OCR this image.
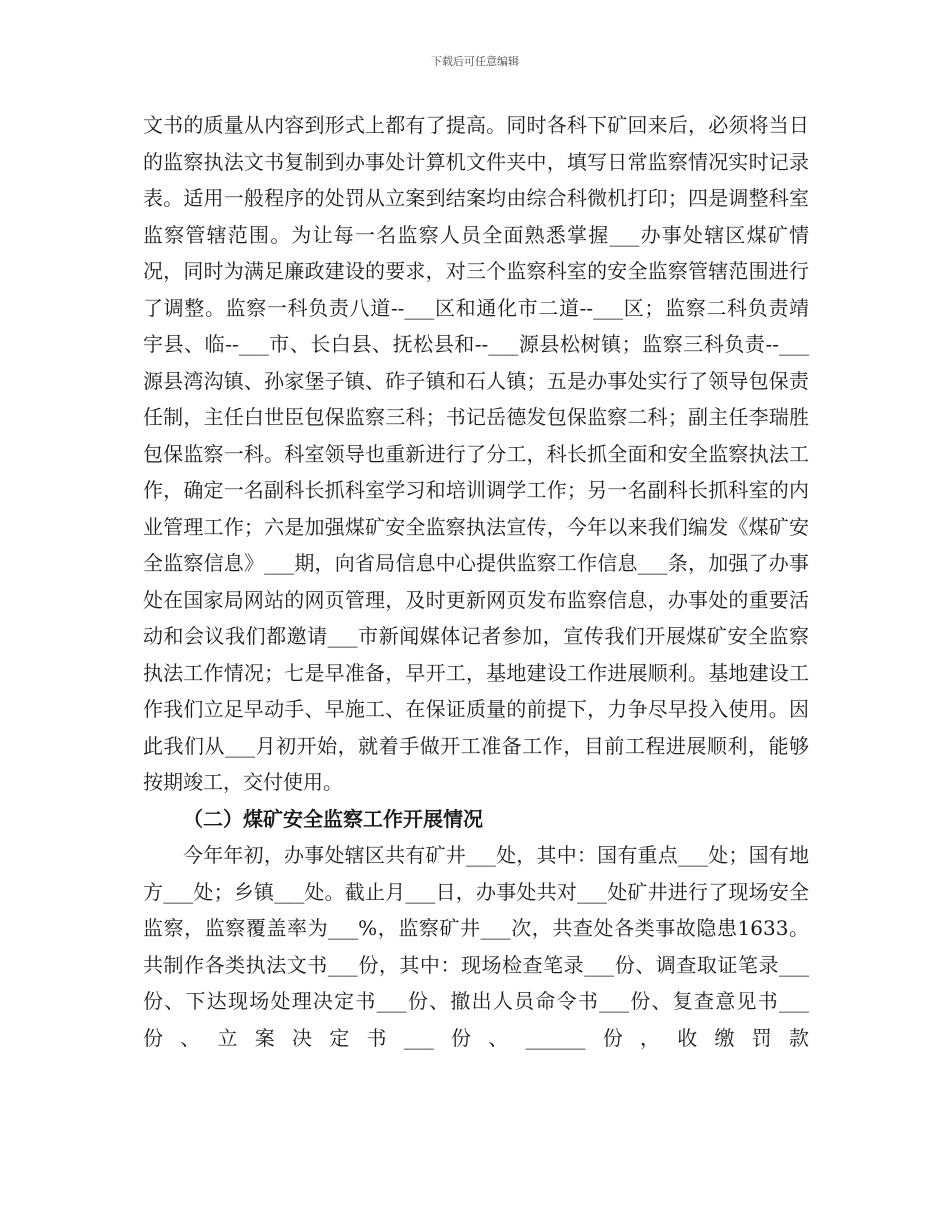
下载后可任意编辑

文书的质量从内容到形式上都有了提高。同时各科下矿回来后，必须将当日的监察执法文书复制到办事处计算机文件夹中，填写日常监察情况实时记录表。适用一般程序的处罚从立案到结案均由综合科微机打印；四是调整科室监察管辖范围。为让每一名监察人员全面熟悉掌握___办事处辖区煤矿情况，同时为满足廉政建设的要求，对三个监察科室的安全监察管辖范围进行了调整。监察一科负责八道--___区和通化市二道--___区；监察二科负责靖宇县、临--___市、长白县、抚松县和--___源县松树镇；监察三科负责--___源县湾沟镇、孙家堡子镇、砟子镇和石人镇；五是办事处实行了领导包保责任制，主任白世臣包保监察三科；书记岳德发包保监察二科；副主任李瑞胜包保监察一科。科室领导也重新进行了分工，科长抓全面和安全监察执法工作，确定一名副科长抓科室学习和培训调学工作；另一名副科长抓科室的内业管理工作；六是加强煤矿安全监察执法宣传，今年以来我们编发《煤矿安全监察信息》___期，向省局信息中心提供监察工作信息___条，加强了办事处在国家局网站的网页管理，及时更新网页发布监察信息，办事处的重要活动和会议我们都邀请___市新闻媒体记者参加，宣传我们开展煤矿安全监察执法工作情况；七是早准备，早开工，基地建设工作进展顺利。基地建设工作我们立足早动手、早施工、在保证质量的前提下，力争尽早投入使用。因此我们从___月初开始，就着手做开工准备工作，目前工程进展顺利，能够按期竣工，交付使用。

（二）煤矿安全监察工作开展情况

今年年初，办事处辖区共有矿井___处，其中：国有重点___处；国有地方___处；乡镇___处。截止月___日，办事处共对___处矿井进行了现场安全监察，监察覆盖率为___%，监察矿井___次，共查处各类事故隐患1633。共制作各类执法文书___份，其中：现场检查笔录___份、调查取证笔录___份、下达现场处理决定书___份、撤出人员命令书___份、复查意见书___份、立案决定书___份、______份，收缴罚款
